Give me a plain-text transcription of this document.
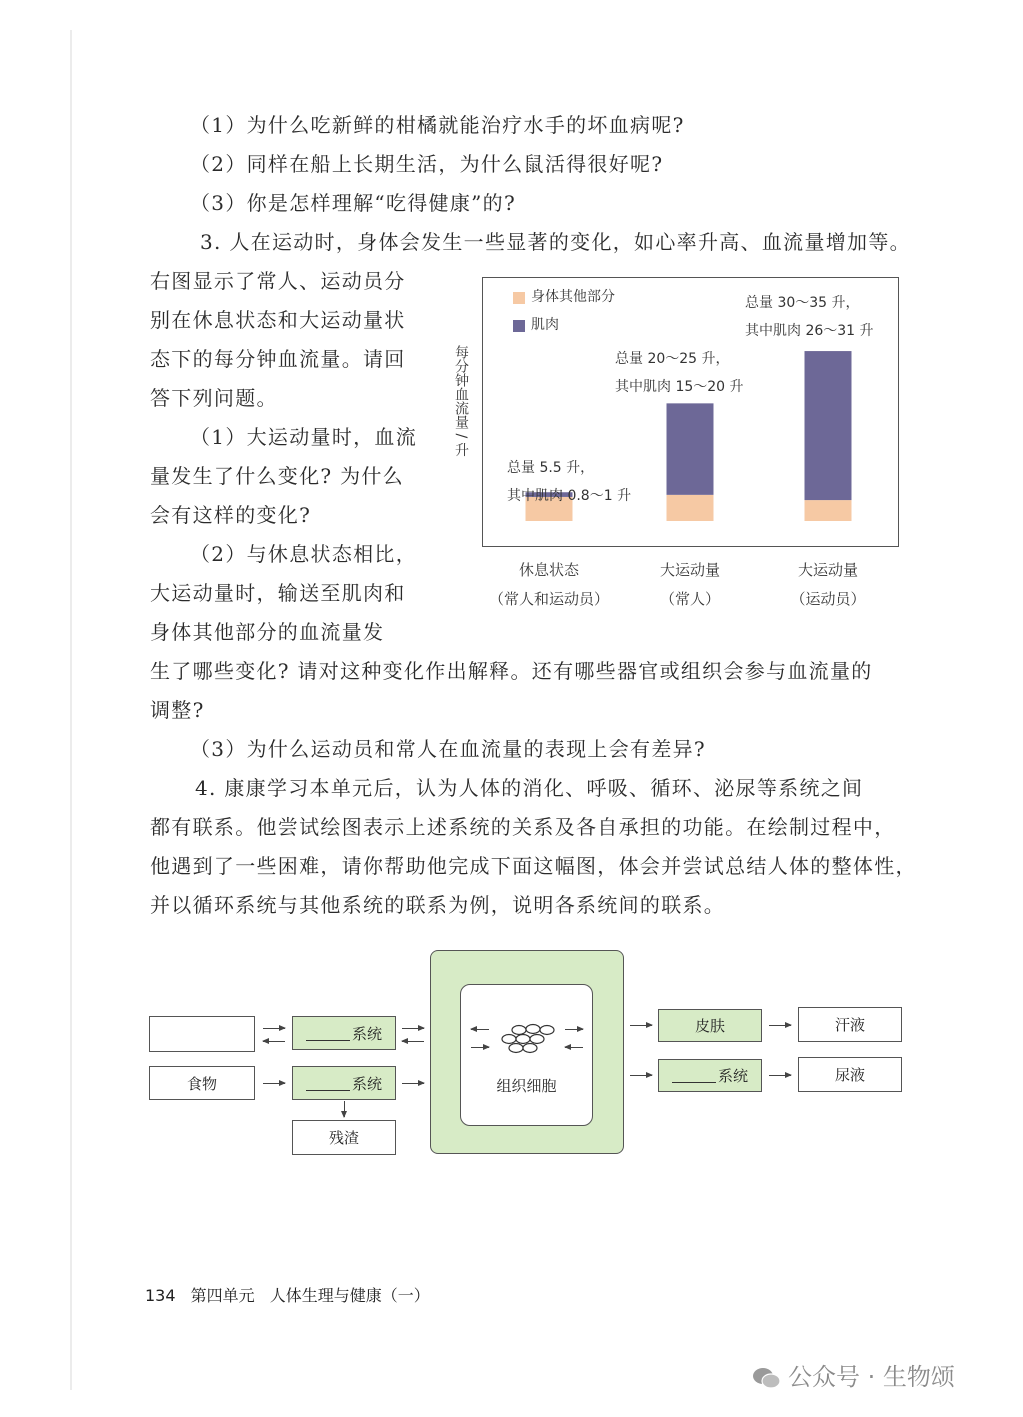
（1）为什么吃新鲜的柑橘就能治疗水手的坏血病呢?
（2）同样在船上长期生活，为什么鼠活得很好呢?
（3）你是怎样理解“吃得健康”的?
3. 人在运动时，身体会发生一些显著的变化，如心率升高、血流量增加等。
右图显示了常人、运动员分
别在休息状态和大运动量状
态下的每分钟血流量。请回
答下列问题。
（1）大运动量时，血流
量发生了什么变化? 为什么
会有这样的变化?
（2）与休息状态相比，
大运动量时，输送至肌肉和
身体其他部分的血流量发
生了哪些变化? 请对这种变化作出解释。还有哪些器官或组织会参与血流量的
调整?
（3）为什么运动员和常人在血流量的表现上会有差异?
4. 康康学习本单元后，认为人体的消化、呼吸、循环、泌尿等系统之间
都有联系。他尝试绘图表示上述系统的关系及各自承担的功能。在绘制过程中，
他遇到了一些困难，请你帮助他完成下面这幅图，体会并尝试总结人体的整体性，
并以循环系统与其他系统的联系为例，说明各系统间的联系。
每分钟血流量 / 升
身体其他部分
肌肉
总量 5.5 升，
其中肌肉 0.8～1 升
总量 20～25 升，
其中肌肉 15～20 升
总量 30～35 升，
其中肌肉 26～31 升
休息状态
（常人和运动员）
大运动量
（常人）
大运动量
（运动员）
食物
系统
系统
残渣
组织细胞
皮肤
系统
汗液
尿液
134 第四单元 人体生理与健康（一）
公众号 · 生物颂
